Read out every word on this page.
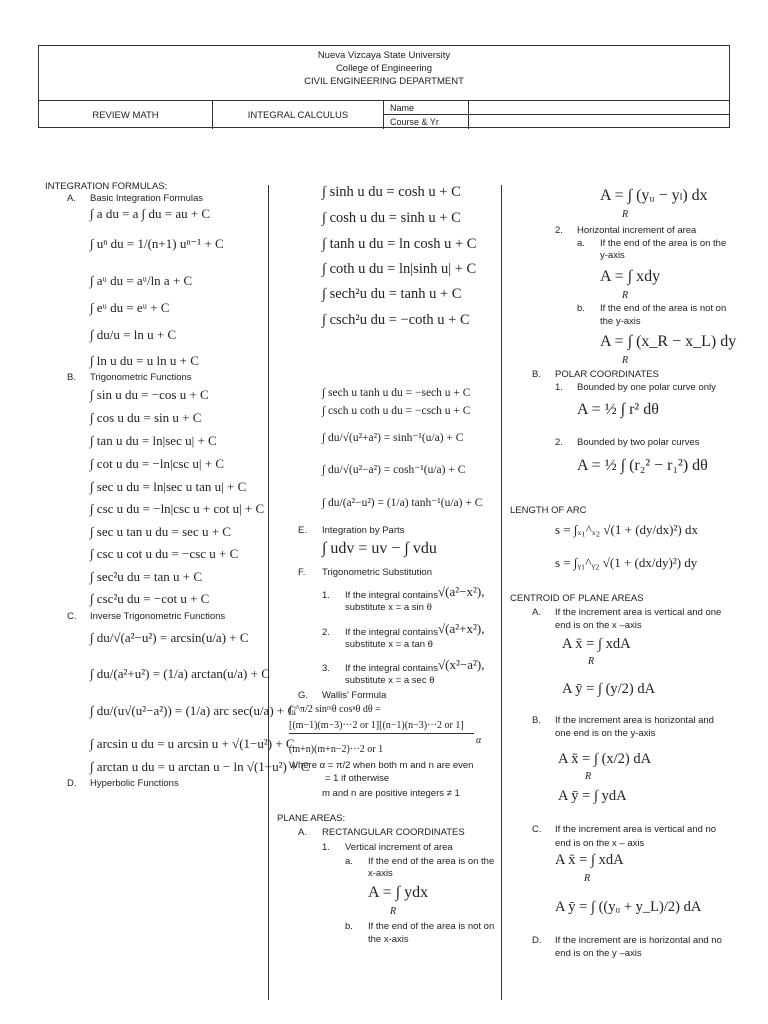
Nueva Vizcaya State University
College of Engineering
CIVIL ENGINEERING DEPARTMENT
REVIEW MATH	INTEGRAL CALCULUS
Name
Course & Yr
INTEGRATION FORMULAS:
A. Basic Integration Formulas
∫ a du = a ∫ du = au + C
∫ uⁿ du = 1/(n+1) uⁿ⁻¹ + C
∫ aᵘ du = aᵘ/ln a + C
∫ eᵘ du = eᵘ + C
∫ du/u = ln u + C
∫ ln u du = u ln u + C
B. Trigonometric Functions
∫ sin u du = −cos u + C
∫ cos u du = sin u + C
∫ tan u du = ln|sec u| + C
∫ cot u du = −ln|csc u| + C
∫ sec u du = ln|sec u tan u| + C
∫ csc u du = −ln|csc u + cot u| + C
∫ sec u tan u du = sec u + C
∫ csc u cot u du = −csc u + C
∫ sec²u du = tan u + C
∫ csc²u du = −cot u + C
C. Inverse Trigonometric Functions
∫ du/√(a²−u²) = arcsin(u/a) + C
∫ du/(a²+u²) = (1/a) arctan(u/a) + C
∫ du/(u√(u²−a²)) = (1/a) arc sec(u/a) + C
∫ arcsin u du = u arcsin u + √(1−u²) + C
∫ arctan u du = u arctan u − ln √(1+u²) + C
D. Hyperbolic Functions
∫ sinh u du = cosh u + C
∫ cosh u du = sinh u + C
∫ tanh u du = ln cosh u + C
∫ coth u du = ln|sinh u| + C
∫ sech²u du = tanh u + C
∫ csch²u du = −coth u + C
∫ sech u tanh u du = −sech u + C
∫ csch u coth u du = −csch u + C
∫ du/√(u²+a²) = sinh⁻¹(u/a) + C
∫ du/√(u²−a²) = cosh⁻¹(u/a) + C
∫ du/(a²−u²) = (1/a) tanh⁻¹(u/a) + C
E. Integration by Parts
∫ udv = uv − ∫ vdu
F. Trigonometric Substitution
1. If the integral contains √(a²−x²),
substitute x = a sin θ
2. If the integral contains √(a²+x²),
substitute x = a tan θ
3. If the integral contains √(x²−a²),
substitute x = a sec θ
G. Wallis' Formula
∫₀^π/2 sinᵐθ cosⁿθ dθ =
[(m−1)(m−3)···2 or 1][(n−1)(n−3)···2 or 1]
(m+n)(m+n−2)···2 or 1
α
Where α = π/2 when both m and n are even
= 1 if otherwise
m and n are positive integers ≠ 1
PLANE AREAS:
A. RECTANGULAR COORDINATES
1. Vertical increment of area
a. If the end of the area is on the
x-axis
A = ∫ ydx
R
b. If the end of the area is not on
the x-axis
A = ∫ (yᵤ − yₗ) dx
R
2. Horizontal increment of area
a. If the end of the area is on the
y-axis
A = ∫ xdy
R
b. If the end of the area is not on
the y-axis
A = ∫ (x_R − x_L) dy
R
B. POLAR COORDINATES
1. Bounded by one polar curve only
A = ½ ∫ r² dθ
2. Bounded by two polar curves
A = ½ ∫ (r₂² − r₁²) dθ
LENGTH OF ARC
s = ∫ₓ₁^ₓ₂ √(1 + (dy/dx)²) dx
s = ∫ᵧ₁^ᵧ₂ √(1 + (dx/dy)²) dy
CENTROID OF PLANE AREAS
A. If the increment area is vertical and one
end is on the x –axis
A x̄ = ∫ xdA
R
A ȳ = ∫ (y/2) dA
B. If the increment area is horizontal and
one end is on the y-axis
A x̄ = ∫ (x/2) dA
R
A ȳ = ∫ ydA
C. If the increment area is vertical and no
end is on the x – axis
A x̄ = ∫ xdA
R
A ȳ = ∫ ((yᵤ + y_L)/2) dA
D. If the increment are is horizontal and no
end is on the y –axis
